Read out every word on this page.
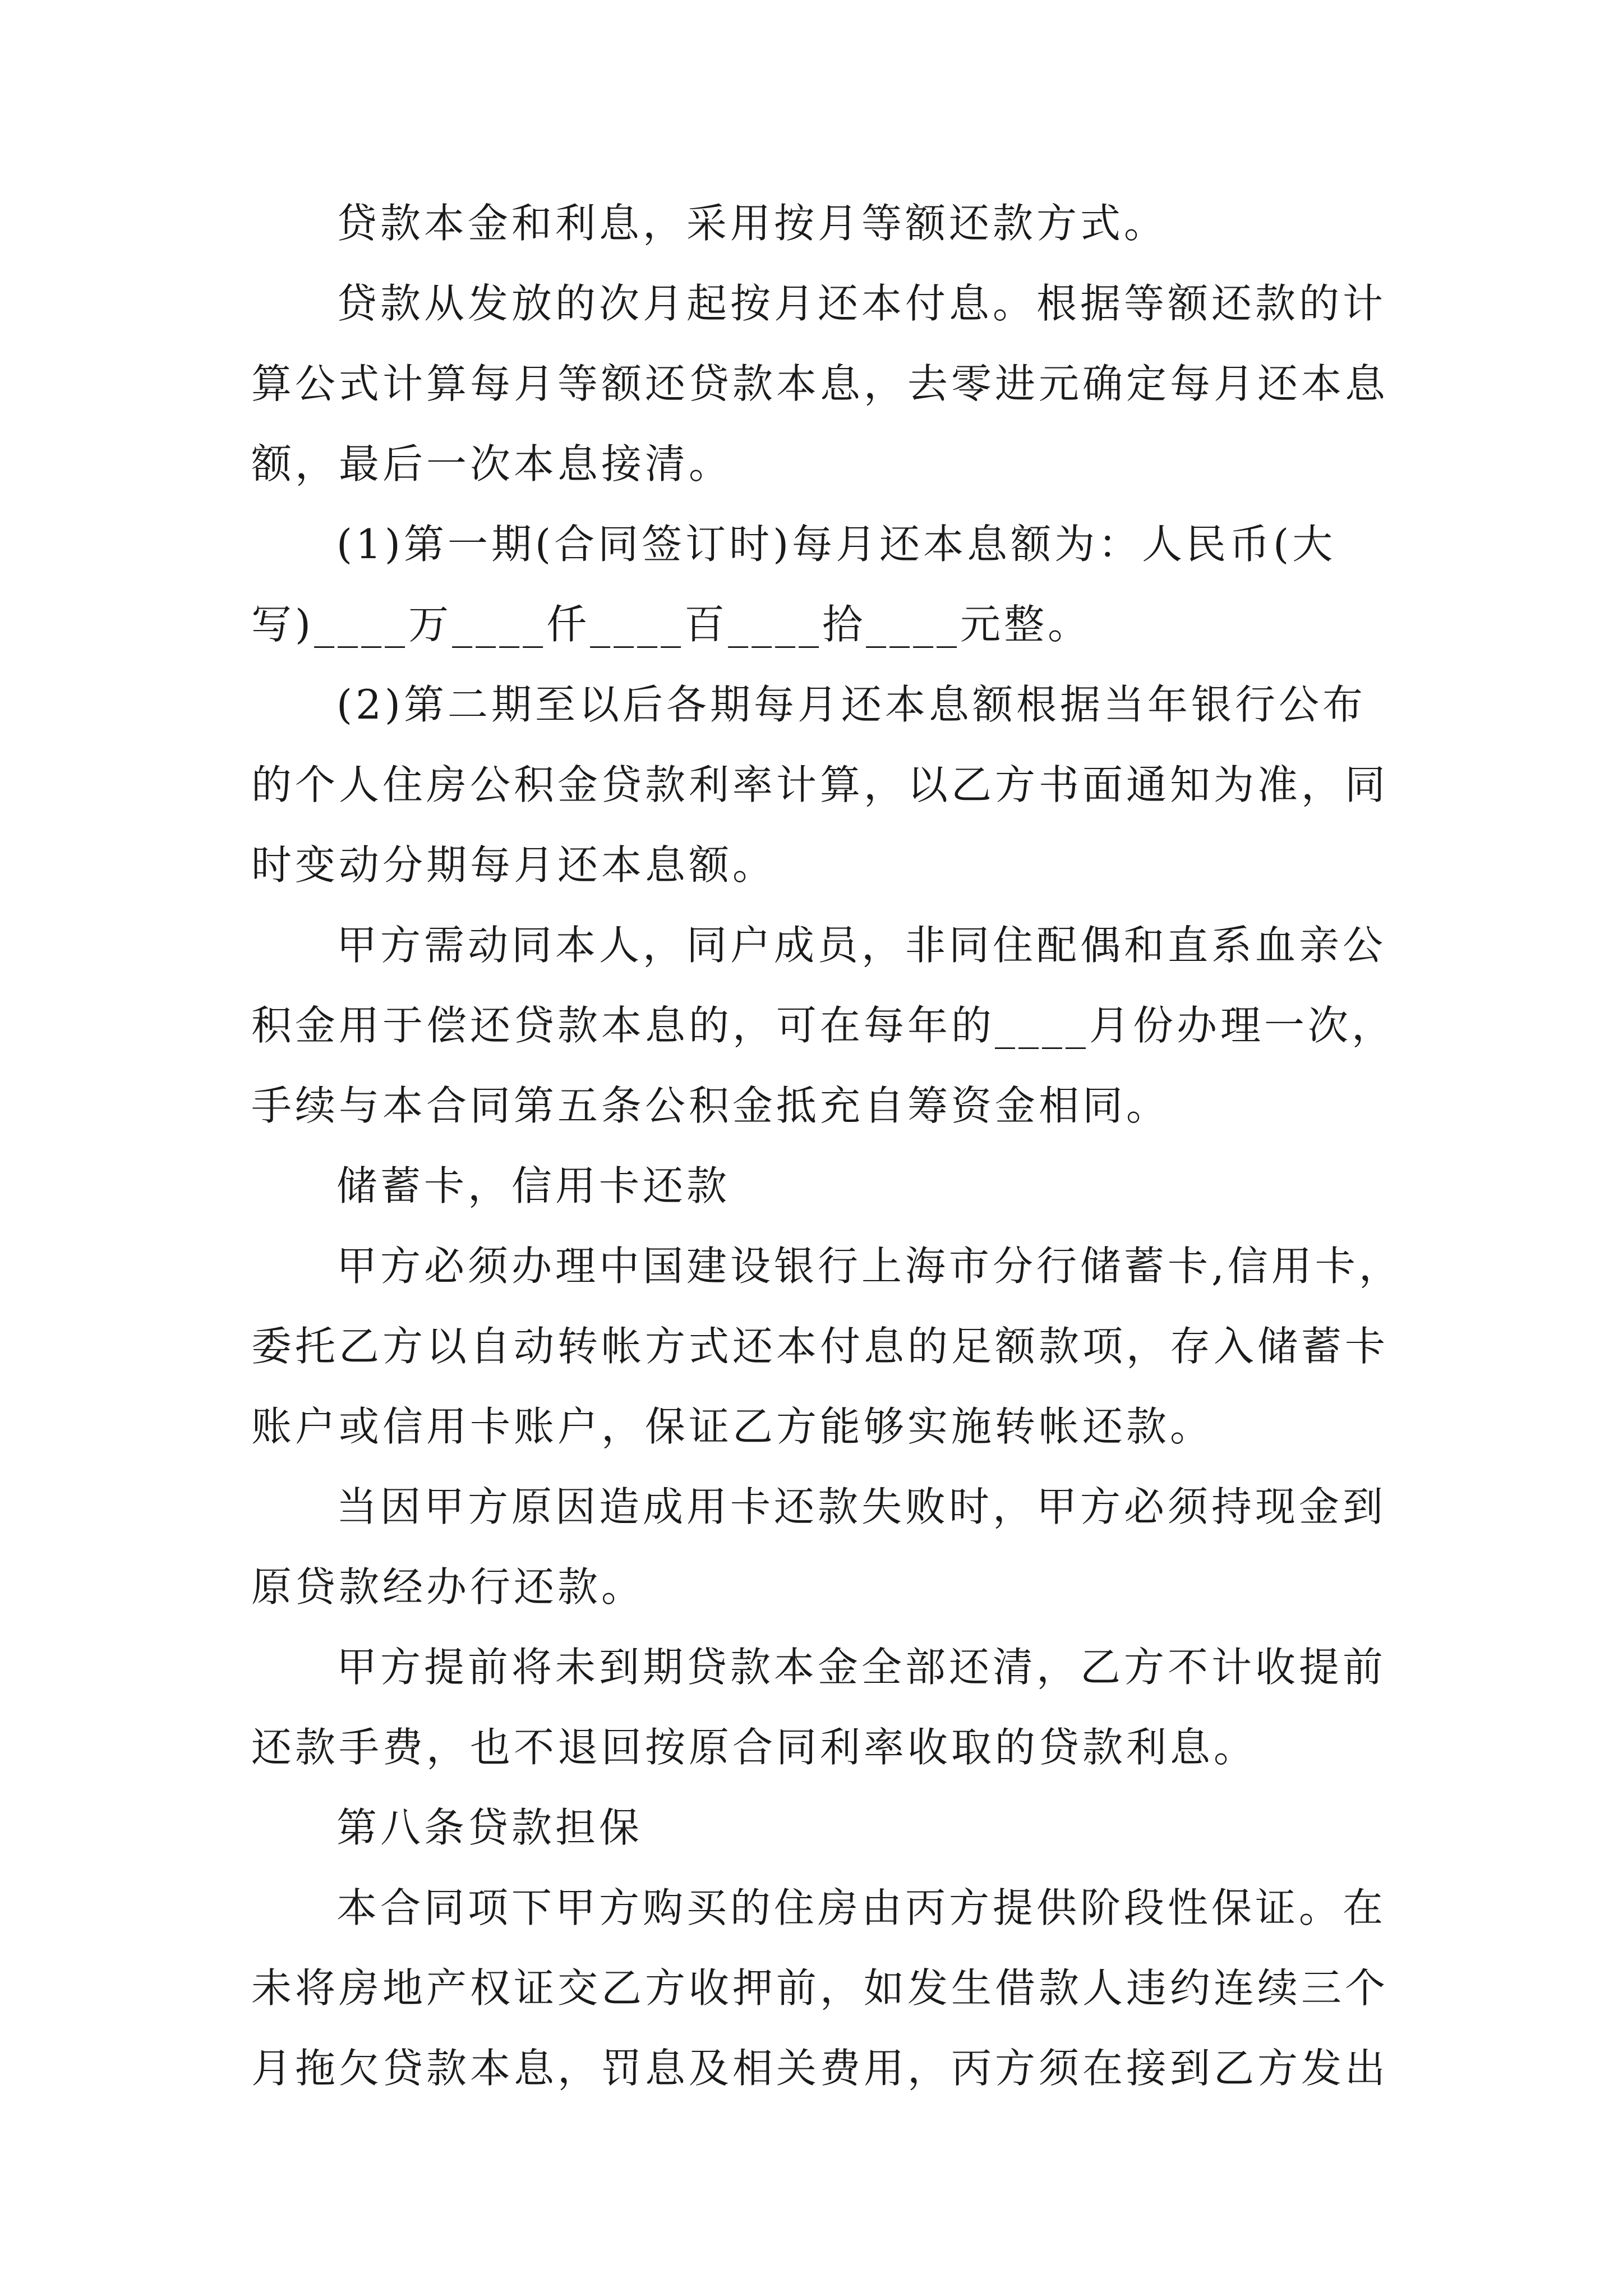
贷款本金和利息，采用按月等额还款方式。
贷款从发放的次月起按月还本付息。根据等额还款的计
算公式计算每月等额还贷款本息，去零进元确定每月还本息
额，最后一次本息接清。
(1)第一期(合同签订时)每月还本息额为：人民币(大
写)____万____仟____百____拾____元整。
(2)第二期至以后各期每月还本息额根据当年银行公布
的个人住房公积金贷款利率计算，以乙方书面通知为准，同
时变动分期每月还本息额。
甲方需动同本人，同户成员，非同住配偶和直系血亲公
积金用于偿还贷款本息的，可在每年的____月份办理一次，
手续与本合同第五条公积金抵充自筹资金相同。
储蓄卡，信用卡还款
甲方必须办理中国建设银行上海市分行储蓄卡,信用卡，
委托乙方以自动转帐方式还本付息的足额款项，存入储蓄卡
账户或信用卡账户，保证乙方能够实施转帐还款。
当因甲方原因造成用卡还款失败时，甲方必须持现金到
原贷款经办行还款。
甲方提前将未到期贷款本金全部还清，乙方不计收提前
还款手费，也不退回按原合同利率收取的贷款利息。
第八条贷款担保
本合同项下甲方购买的住房由丙方提供阶段性保证。在
未将房地产权证交乙方收押前，如发生借款人违约连续三个
月拖欠贷款本息，罚息及相关费用，丙方须在接到乙方发出
